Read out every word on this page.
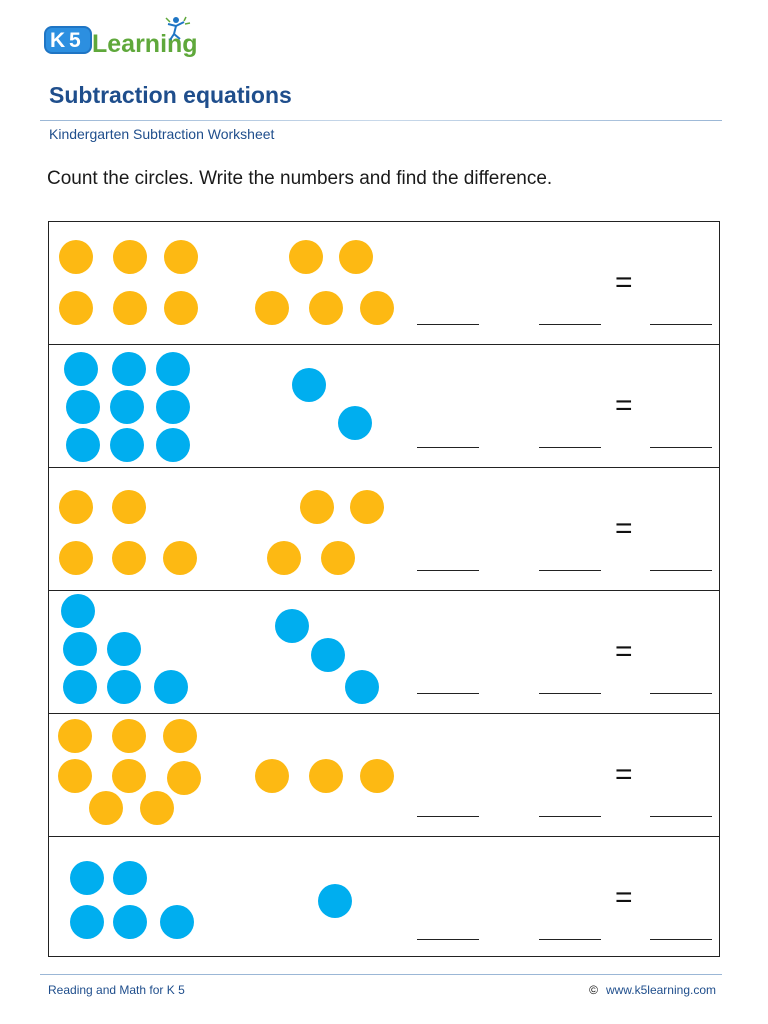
K 5 Learning
Subtraction equations
Kindergarten Subtraction Worksheet
Count the circles. Write the numbers and find the difference.
=
=
=
=
=
=
Reading and Math for K 5	© www.k5learning.com
